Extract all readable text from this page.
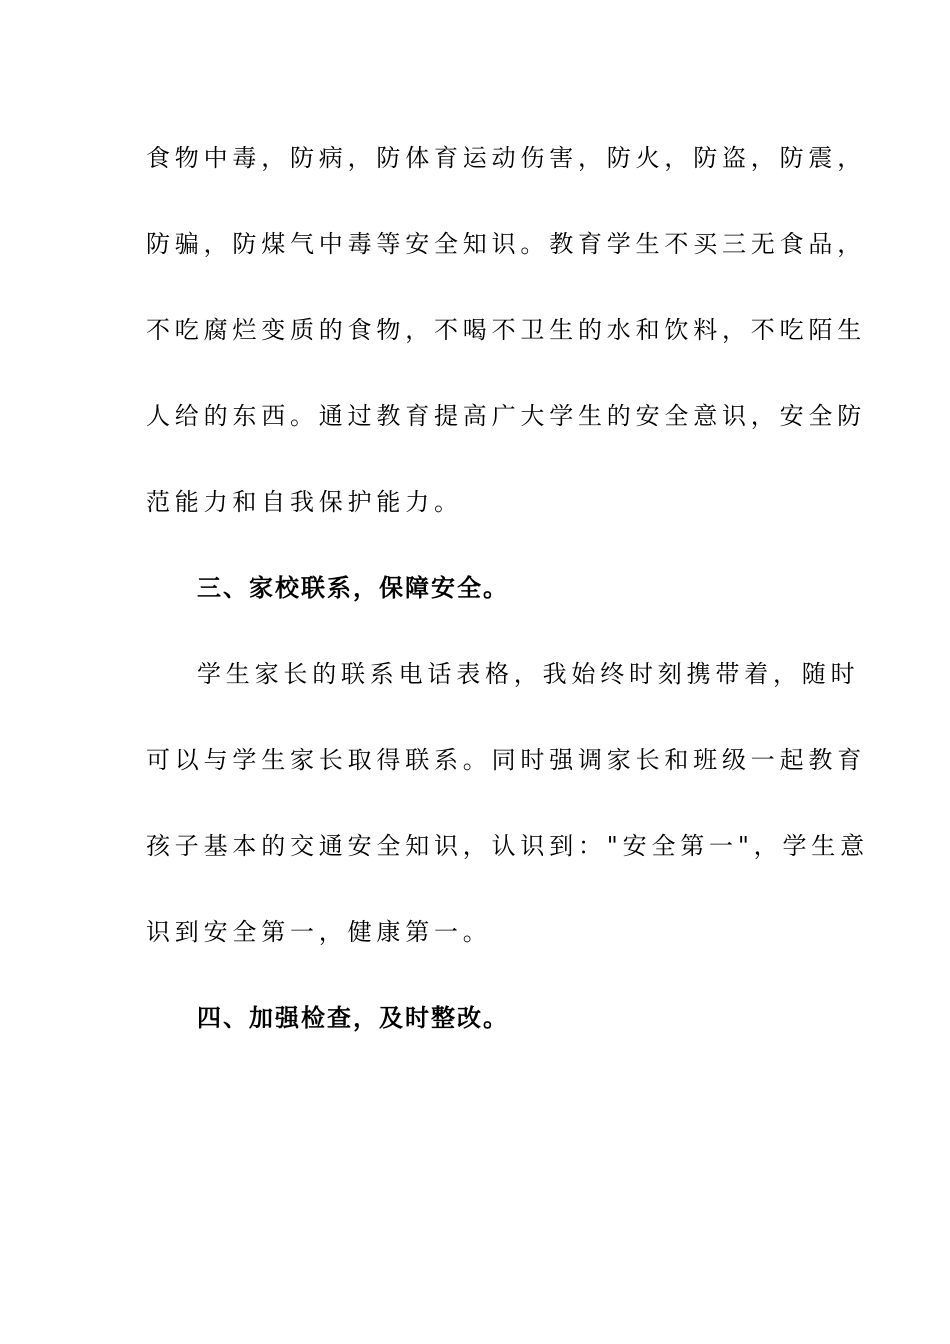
食物中毒，防病，防体育运动伤害，防火，防盗，防震，
防骗，防煤气中毒等安全知识。教育学生不买三无食品，
不吃腐烂变质的食物，不喝不卫生的水和饮料，不吃陌生
人给的东西。通过教育提高广大学生的安全意识，安全防
范能力和自我保护能力。
三、家校联系，保障安全。
学生家长的联系电话表格，我始终时刻携带着，随时
可以与学生家长取得联系。同时强调家长和班级一起教育
孩子基本的交通安全知识，认识到："安全第一"，学生意
识到安全第一，健康第一。
四、加强检查，及时整改。
